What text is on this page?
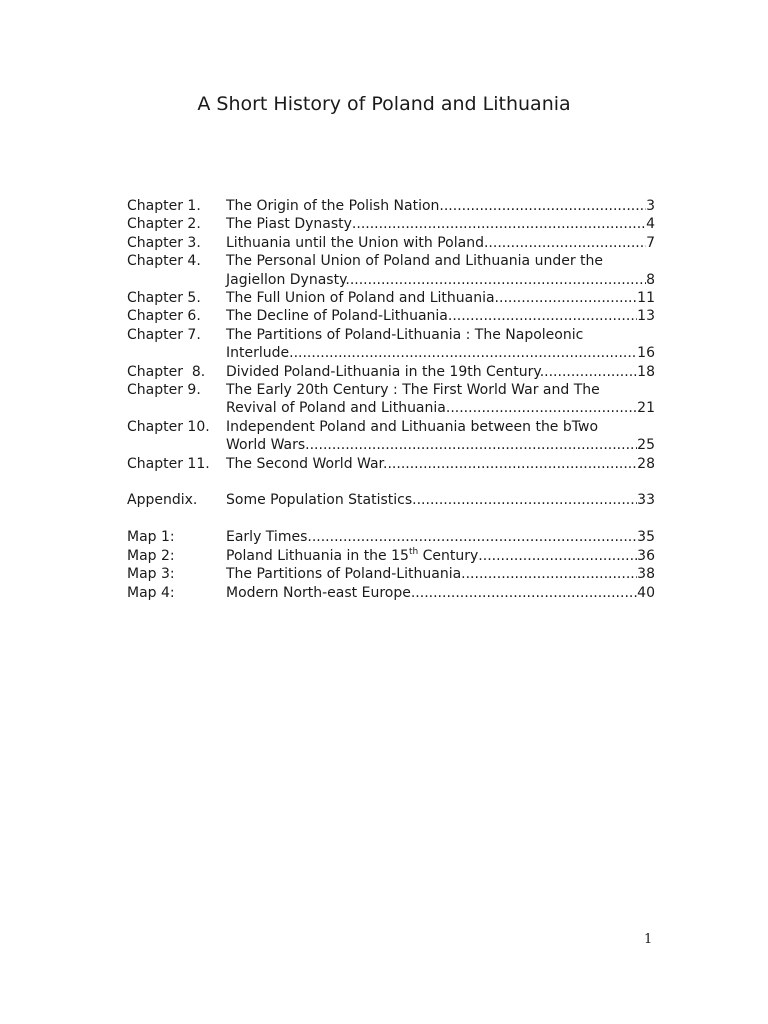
A Short History of Poland and Lithuania
Chapter 1.	The Origin of the Polish Nation. .....	3
Chapter 2.	The Piast Dynasty .....	4
Chapter 3.	Lithuania until the Union with Poland .....	7
Chapter 4.	The Personal Union of Poland and Lithuania under the
Jagiellon Dynasty. .....	8
Chapter 5.	The Full Union of Poland and Lithuania. .....	11
Chapter 6.	The Decline of Poland-Lithuania. .....	13
Chapter 7.	The Partitions of Poland-Lithuania : The Napoleonic
Interlude. .....	16
Chapter  8.	Divided Poland-Lithuania in the 19th Century. .....	18
Chapter 9.	The Early 20th Century : The First World War and The
Revival of Poland and Lithuania. .....	21
Chapter 10.	Independent Poland and Lithuania between the bTwo
World Wars .....	25
Chapter 11.	The Second World War. .....	28
Appendix.	Some Population Statistics. .....	33
Map 1:	Early Times .....	35
Map 2:	Poland Lithuania in the 15th Century .....	36
Map 3:	The Partitions of Poland-Lithuania .....	38
Map 4:	Modern North-east Europe .....	40
1
